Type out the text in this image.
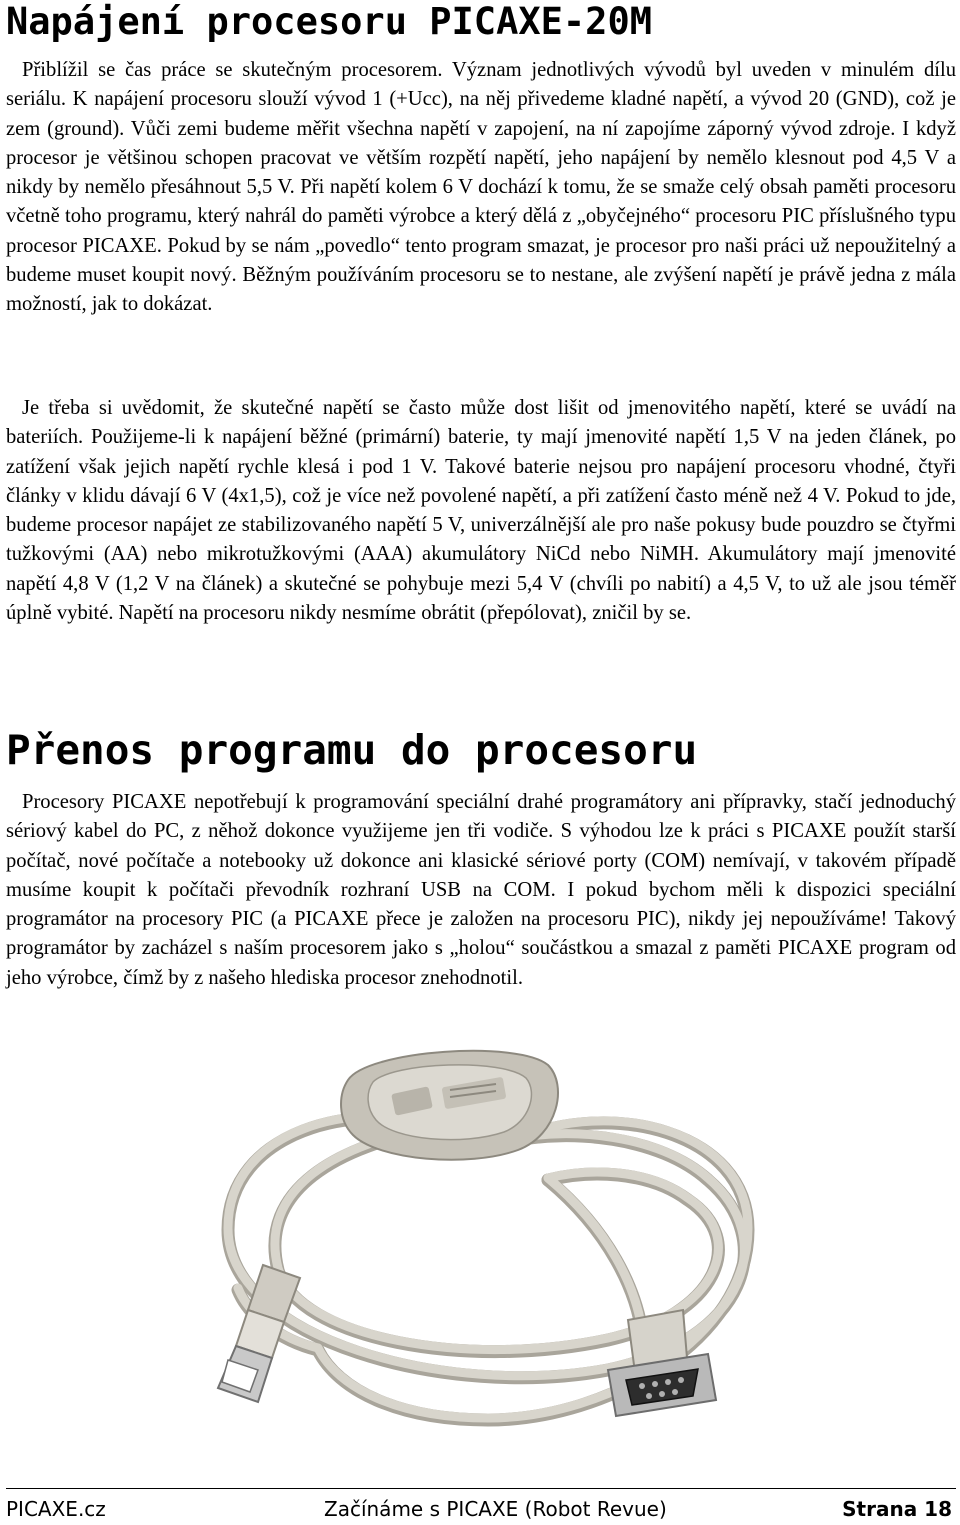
Napájení procesoru PICAXE-20M

Přiblížil se čas práce se skutečným procesorem. Význam jednotlivých vývodů byl uveden v minulém dílu seriálu. K napájení procesoru slouží vývod 1 (+Ucc), na něj přivedeme kladné napětí, a vývod 20 (GND), což je zem (ground). Vůči zemi budeme měřit všechna napětí v zapojení, na ní zapojíme záporný vývod zdroje. I když procesor je většinou schopen pracovat ve větším rozpětí napětí, jeho napájení by nemělo klesnout pod 4,5 V a nikdy by nemělo přesáhnout 5,5 V. Při napětí kolem 6 V dochází k tomu, že se smaže celý obsah paměti procesoru včetně toho programu, který nahrál do paměti výrobce a který dělá z „obyčejného“ procesoru PIC příslušného typu procesor PICAXE. Pokud by se nám „povedlo“ tento program smazat, je procesor pro naši práci už nepoužitelný a budeme muset koupit nový. Běžným používáním procesoru se to nestane, ale zvýšení napětí je právě jedna z mála možností, jak to dokázat.

Je třeba si uvědomit, že skutečné napětí se často může dost lišit od jmenovitého napětí, které se uvádí na bateriích. Použijeme-li k napájení běžné (primární) baterie, ty mají jmenovité napětí 1,5 V na jeden článek, po zatížení však jejich napětí rychle klesá i pod 1 V. Takové baterie nejsou pro napájení procesoru vhodné, čtyři články v klidu dávají 6 V (4x1,5), což je více než povolené napětí, a při zatížení často méně než 4 V. Pokud to jde, budeme procesor napájet ze stabilizovaného napětí 5 V, univerzálnější ale pro naše pokusy bude pouzdro se čtyřmi tužkovými (AA) nebo mikrotužkovými (AAA) akumulátory NiCd nebo NiMH. Akumulátory mají jmenovité napětí 4,8 V (1,2 V na článek) a skutečné se pohybuje mezi 5,4 V (chvíli po nabití) a 4,5 V, to už ale jsou téměř úplně vybité. Napětí na procesoru nikdy nesmíme obrátit (přepólovat), zničil by se.

Přenos programu do procesoru

Procesory PICAXE nepotřebují k programování speciální drahé programátory ani přípravky, stačí jednoduchý sériový kabel do PC, z něhož dokonce využijeme jen tři vodiče. S výhodou lze k práci s PICAXE použít starší počítač, nové počítače a notebooky už dokonce ani klasické sériové porty (COM) nemívají, v takovém případě musíme koupit k počítači převodník rozhraní USB na COM. I pokud bychom měli k dispozici speciální programátor na procesory PIC (a PICAXE přece je založen na procesoru PIC), nikdy jej nepoužíváme! Takový programátor by zacházel s naším procesorem jako s „holou“ součástkou a smazal z paměti PICAXE program od jeho výrobce, čímž by z našeho hlediska procesor znehodnotil.

PICAXE.cz	Začínáme s PICAXE (Robot Revue)	Strana 18
